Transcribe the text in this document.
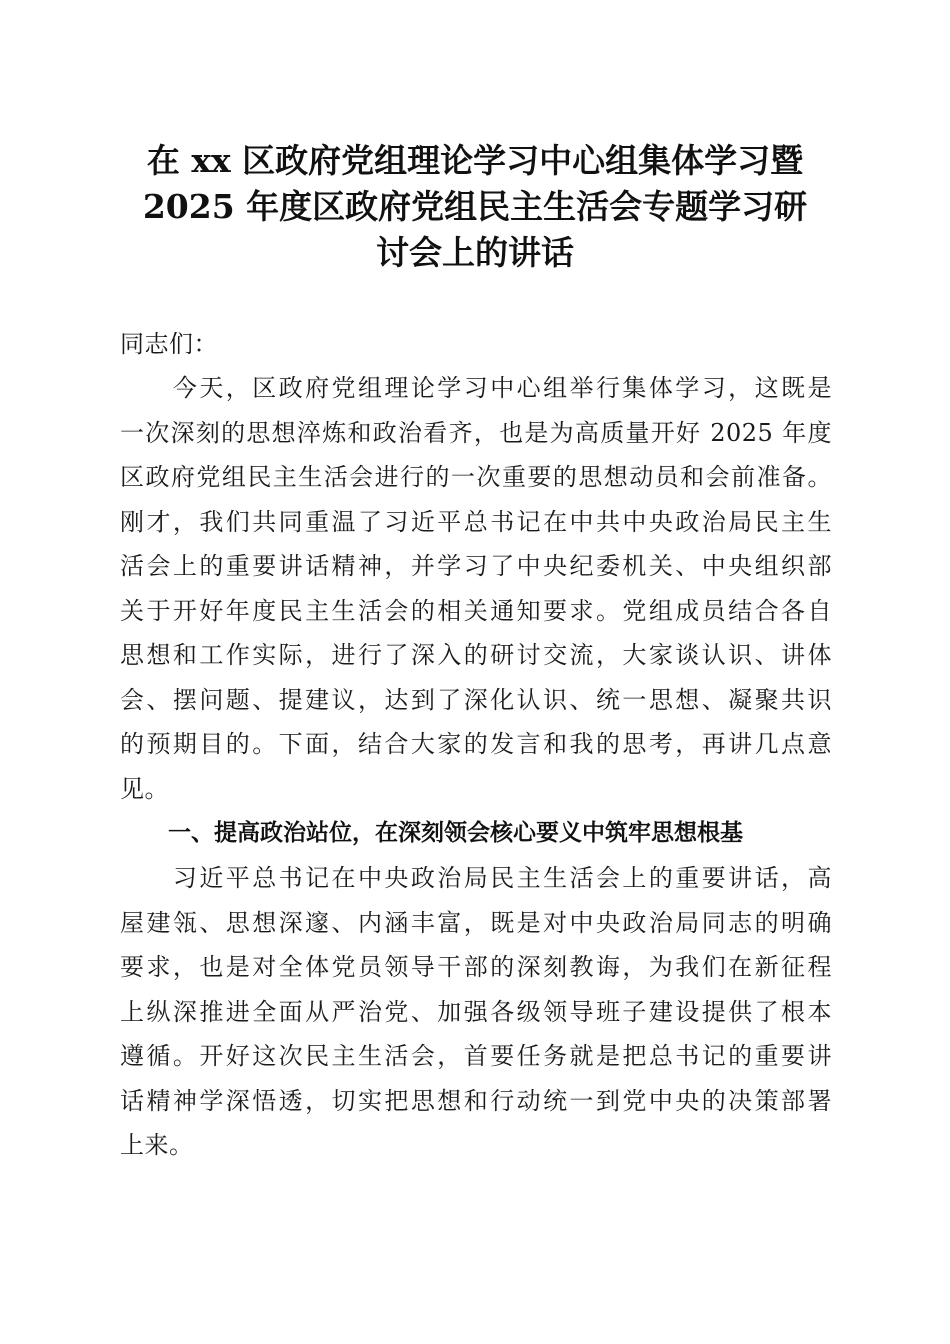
在 xx 区政府党组理论学习中心组集体学习暨
2025 年度区政府党组民主生活会专题学习研
讨会上的讲话
同志们：
　　今天，区政府党组理论学习中心组举行集体学习，这既是
一次深刻的思想淬炼和政治看齐，也是为高质量开好 2025 年度
区政府党组民主生活会进行的一次重要的思想动员和会前准备。
刚才，我们共同重温了习近平总书记在中共中央政治局民主生
活会上的重要讲话精神，并学习了中央纪委机关、中央组织部
关于开好年度民主生活会的相关通知要求。党组成员结合各自
思想和工作实际，进行了深入的研讨交流，大家谈认识、讲体
会、摆问题、提建议，达到了深化认识、统一思想、凝聚共识
的预期目的。下面，结合大家的发言和我的思考，再讲几点意
见。
一、提高政治站位，在深刻领会核心要义中筑牢思想根基
　　习近平总书记在中央政治局民主生活会上的重要讲话，高
屋建瓴、思想深邃、内涵丰富，既是对中央政治局同志的明确
要求，也是对全体党员领导干部的深刻教诲，为我们在新征程
上纵深推进全面从严治党、加强各级领导班子建设提供了根本
遵循。开好这次民主生活会，首要任务就是把总书记的重要讲
话精神学深悟透，切实把思想和行动统一到党中央的决策部署
上来。
